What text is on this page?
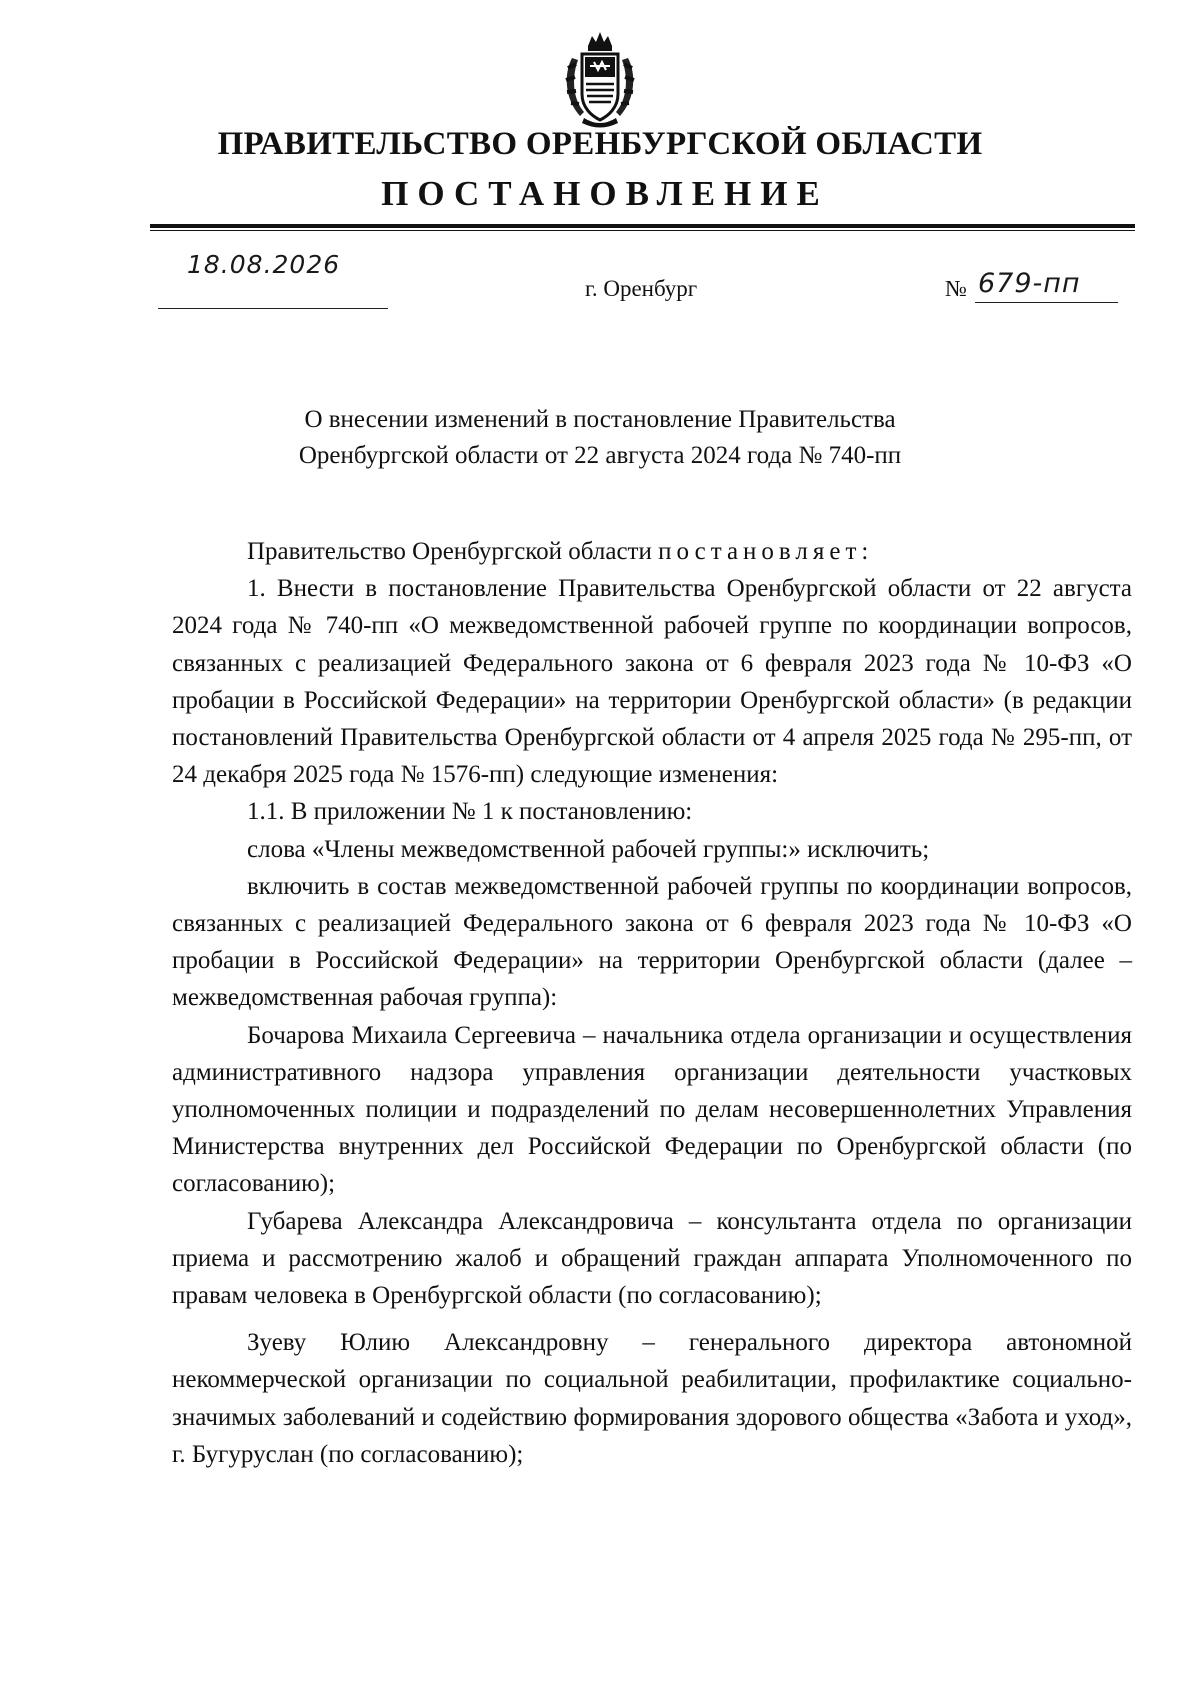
ПРАВИТЕЛЬСТВО ОРЕНБУРГСКОЙ ОБЛАСТИ
ПОСТАНОВЛЕНИЕ
18.08.2026
г. Оренбург	№ 679-пп
О внесении изменений в постановление Правительства
Оренбургской области от 22 августа 2024 года № 740-пп

Правительство Оренбургской области постановляет:

1. Внести в постановление Правительства Оренбургской области от 22 августа 2024 года № 740-пп «О межведомственной рабочей группе по координации вопросов, связанных с реализацией Федерального закона от 6 февраля 2023 года № 10-ФЗ «О пробации в Российской Федерации» на территории Оренбургской области» (в редакции постановлений Правительства Оренбургской области от 4 апреля 2025 года № 295-пп, от 24 декабря 2025 года № 1576-пп) следующие изменения:

1.1. В приложении № 1 к постановлению:

слова «Члены межведомственной рабочей группы:» исключить;

включить в состав межведомственной рабочей группы по координации вопросов, связанных с реализацией Федерального закона от 6 февраля 2023 года № 10-ФЗ «О пробации в Российской Федерации» на территории Оренбургской области (далее – межведомственная рабочая группа):

Бочарова Михаила Сергеевича – начальника отдела организации и осуществления административного надзора управления организации деятельности участковых уполномоченных полиции и подразделений по делам несовершеннолетних Управления Министерства внутренних дел Российской Федерации по Оренбургской области (по согласованию);

Губарева Александра Александровича – консультанта отдела по организации приема и рассмотрению жалоб и обращений граждан аппарата Уполномоченного по правам человека в Оренбургской области (по согласованию);

Зуеву Юлию Александровну – генерального директора автономной некоммерческой организации по социальной реабилитации, профилактике социально-значимых заболеваний и содействию формирования здорового общества «Забота и уход», г. Бугуруслан (по согласованию);
